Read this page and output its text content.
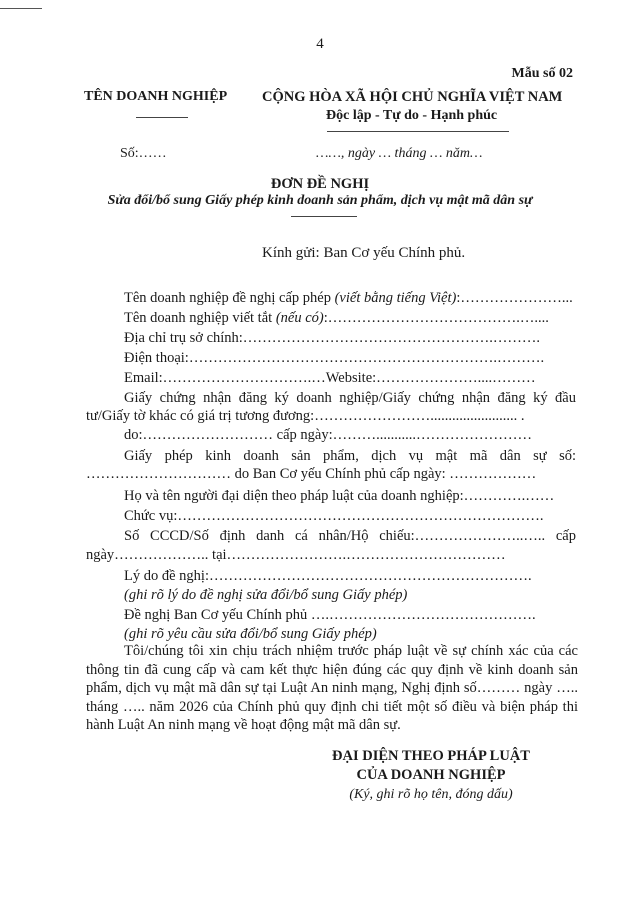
4
Mẫu số 02
TÊN DOANH NGHIỆP CỘNG HÒA XÃ HỘI CHỦ NGHĨA VIỆT NAM
Độc lập - Tự do - Hạnh phúc
Số:……	……, ngày … tháng … năm…
ĐƠN ĐỀ NGHỊ
Sửa đổi/bổ sung Giấy phép kinh doanh sản phẩm, dịch vụ mật mã dân sự
Kính gửi: Ban Cơ yếu Chính phủ.
Tên doanh nghiệp đề nghị cấp phép (viết bằng tiếng Việt):…………………...
Tên doanh nghiệp viết tắt (nếu có):………………………………….…....
Địa chỉ trụ sở chính:…………………………………………….……….
Điện thoại:……………………………………………………….……….
Email:………………………….…Website:…………………....………
Giấy chứng nhận đăng ký doanh nghiệp/Giấy chứng nhận đăng ký đầu
tư/Giấy tờ khác có giá trị tương đương:……………………........................ .
do:……………………… cấp ngày:………...........……………………
Giấy phép kinh doanh sản phẩm, dịch vụ mật mã dân sự số:
………………………… do Ban Cơ yếu Chính phủ cấp ngày: ………………
Họ và tên người đại diện theo pháp luật của doanh nghiệp:………….……
Chức vụ:………………………………………………………………….
Số CCCD/Số định danh cá nhân/Hộ chiếu:…………………..….. cấp
ngày……………….. tại…………………….……………………………
Lý do đề nghị:………………………………………………………….
(ghi rõ lý do đề nghị sửa đổi/bổ sung Giấy phép)
Đề nghị Ban Cơ yếu Chính phủ ….…………………………………….
(ghi rõ yêu cầu sửa đổi/bổ sung Giấy phép)
Tôi/chúng tôi xin chịu trách nhiệm trước pháp luật về sự chính xác của các thông tin đã cung cấp và cam kết thực hiện đúng các quy định về kinh doanh sản phẩm, dịch vụ mật mã dân sự tại Luật An ninh mạng, Nghị định số……… ngày ….. tháng ….. năm 2026 của Chính phủ quy định chi tiết một số điều và biện pháp thi hành Luật An ninh mạng về hoạt động mật mã dân sự.
ĐẠI DIỆN THEO PHÁP LUẬT
CỦA DOANH NGHIỆP
(Ký, ghi rõ họ tên, đóng dấu)
